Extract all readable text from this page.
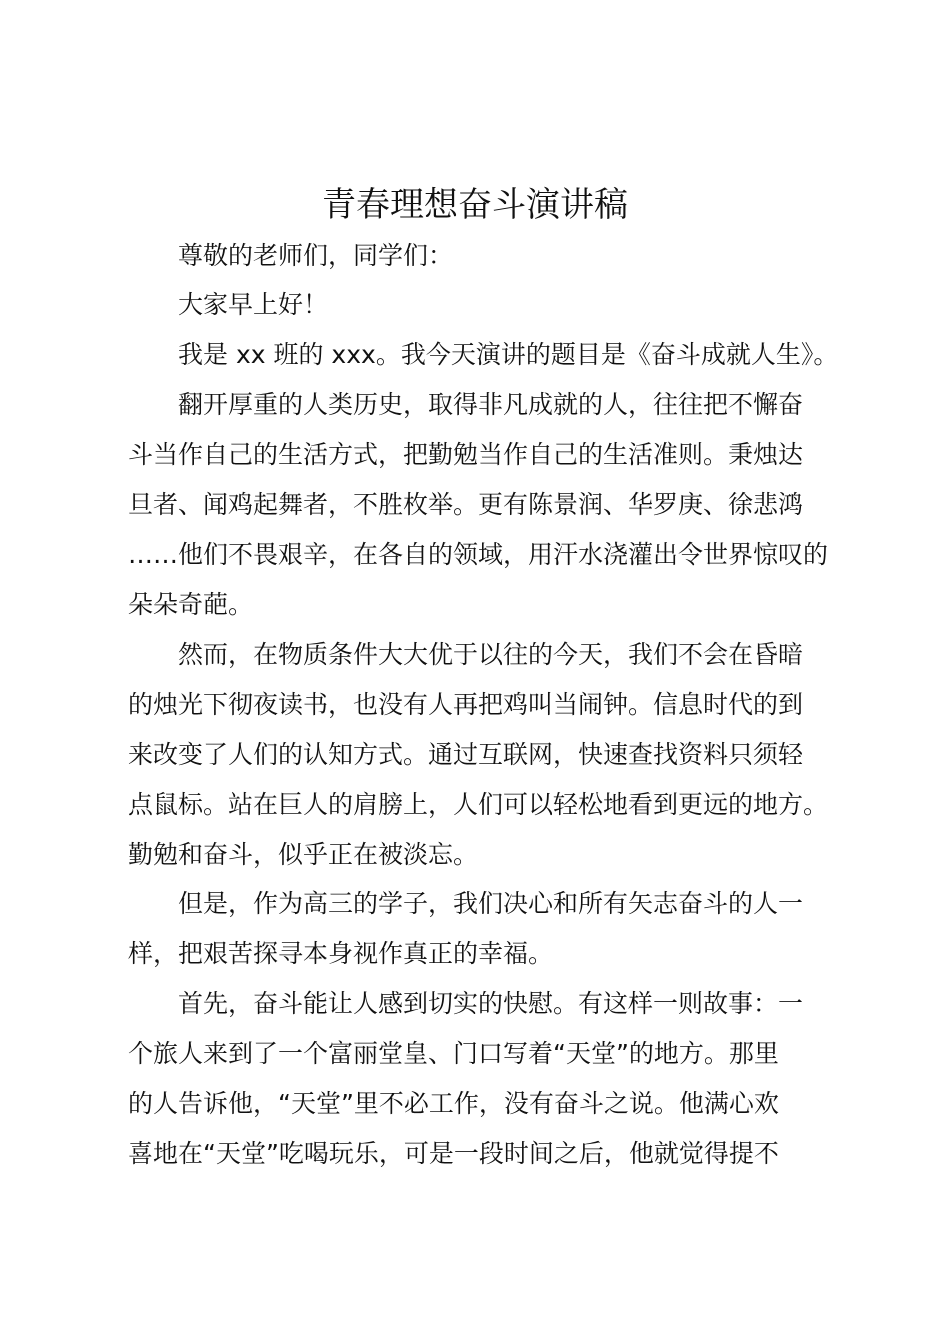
青春理想奋斗演讲稿
尊敬的老师们，同学们：
大家早上好！
我是 xx 班的 xxx。我今天演讲的题目是《奋斗成就人生》。
翻开厚重的人类历史，取得非凡成就的人，往往把不懈奋
斗当作自己的生活方式，把勤勉当作自己的生活准则。秉烛达
旦者、闻鸡起舞者，不胜枚举。更有陈景润、华罗庚、徐悲鸿
……他们不畏艰辛，在各自的领域，用汗水浇灌出令世界惊叹的
朵朵奇葩。
然而，在物质条件大大优于以往的今天，我们不会在昏暗
的烛光下彻夜读书，也没有人再把鸡叫当闹钟。信息时代的到
来改变了人们的认知方式。通过互联网，快速查找资料只须轻
点鼠标。站在巨人的肩膀上，人们可以轻松地看到更远的地方。
勤勉和奋斗，似乎正在被淡忘。
但是，作为高三的学子，我们决心和所有矢志奋斗的人一
样，把艰苦探寻本身视作真正的幸福。
首先，奋斗能让人感到切实的快慰。有这样一则故事：一
个旅人来到了一个富丽堂皇、门口写着“天堂”的地方。那里
的人告诉他，“天堂”里不必工作，没有奋斗之说。他满心欢
喜地在“天堂”吃喝玩乐，可是一段时间之后，他就觉得提不
